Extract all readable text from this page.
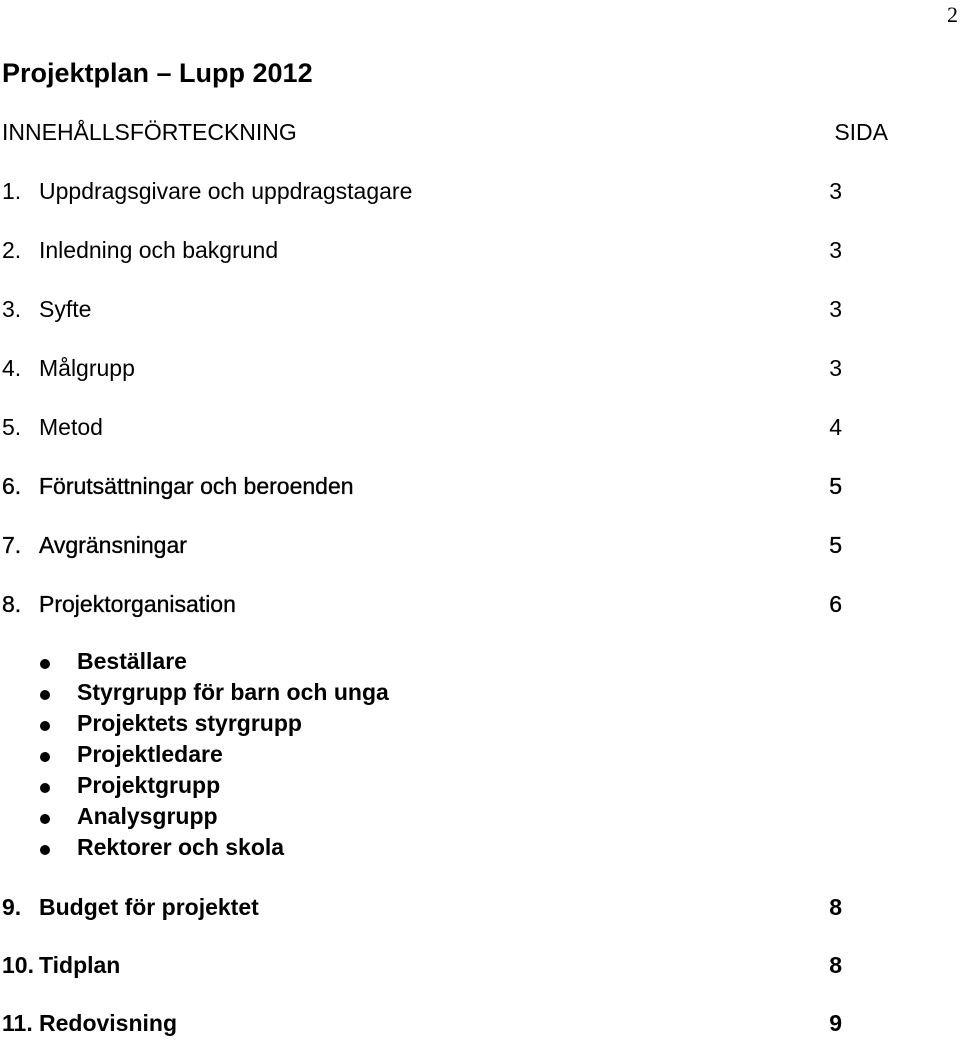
2
Projektplan – Lupp 2012
INNEHÅLLSFÖRTECKNING	SIDA
1. Uppdragsgivare och uppdragstagare	3
2. Inledning och bakgrund	3
3. Syfte	3
4. Målgrupp	3
5. Metod	4
6. Förutsättningar och beroenden	5
7. Avgränsningar	5
8. Projektorganisation	6
Beställare
Styrgrupp för barn och unga
Projektets styrgrupp
Projektledare
Projektgrupp
Analysgrupp
Rektorer och skola
9. Budget för projektet	8
10. Tidplan	8
11. Redovisning	9
